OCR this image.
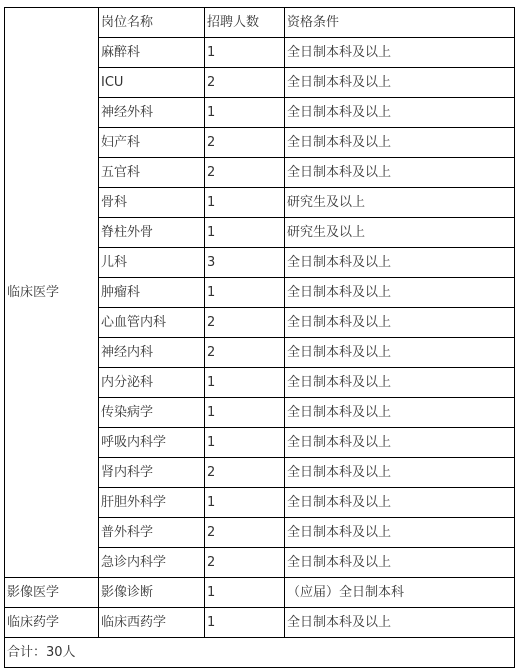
临床医学	岗位名称	招聘人数	资格条件
	麻醉科	1	全日制本科及以上
	ICU	2	全日制本科及以上
	神经外科	1	全日制本科及以上
	妇产科	2	全日制本科及以上
	五官科	2	全日制本科及以上
	骨科	1	研究生及以上
	脊柱外骨	1	研究生及以上
	儿科	3	全日制本科及以上
	肿瘤科	1	全日制本科及以上
	心血管内科	2	全日制本科及以上
	神经内科	2	全日制本科及以上
	内分泌科	1	全日制本科及以上
	传染病学	1	全日制本科及以上
	呼吸内科学	1	全日制本科及以上
	肾内科学	2	全日制本科及以上
	肝胆外科学	1	全日制本科及以上
	普外科学	2	全日制本科及以上
	急诊内科学	2	全日制本科及以上
影像医学	影像诊断	1	（应届）全日制本科
临床药学	临床西药学	1	全日制本科及以上
合计：30人			
